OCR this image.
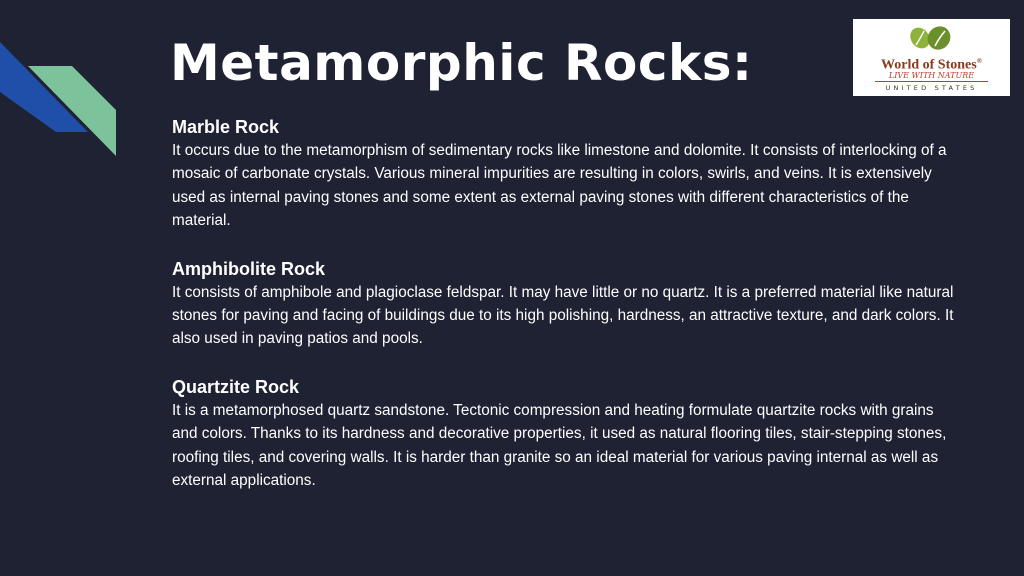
Metamorphic Rocks:	World of Stones®
LIVE WITH NATURE
UNITED STATES
Marble Rock

It occurs due to the metamorphism of sedimentary rocks like limestone and dolomite. It consists of interlocking of a mosaic of carbonate crystals. Various mineral impurities are resulting in colors, swirls, and veins. It is extensively used as internal paving stones and some extent as external paving stones with different characteristics of the material.

Amphibolite Rock

It consists of amphibole and plagioclase feldspar. It may have little or no quartz. It is a preferred material like natural stones for paving and facing of buildings due to its high polishing, hardness, an attractive texture, and dark colors. It also used in paving patios and pools.

Quartzite Rock

It is a metamorphosed quartz sandstone. Tectonic compression and heating formulate quartzite rocks with grains and colors. Thanks to its hardness and decorative properties, it used as natural flooring tiles, stair-stepping stones, roofing tiles, and covering walls. It is harder than granite so an ideal material for various paving internal as well as external applications.
